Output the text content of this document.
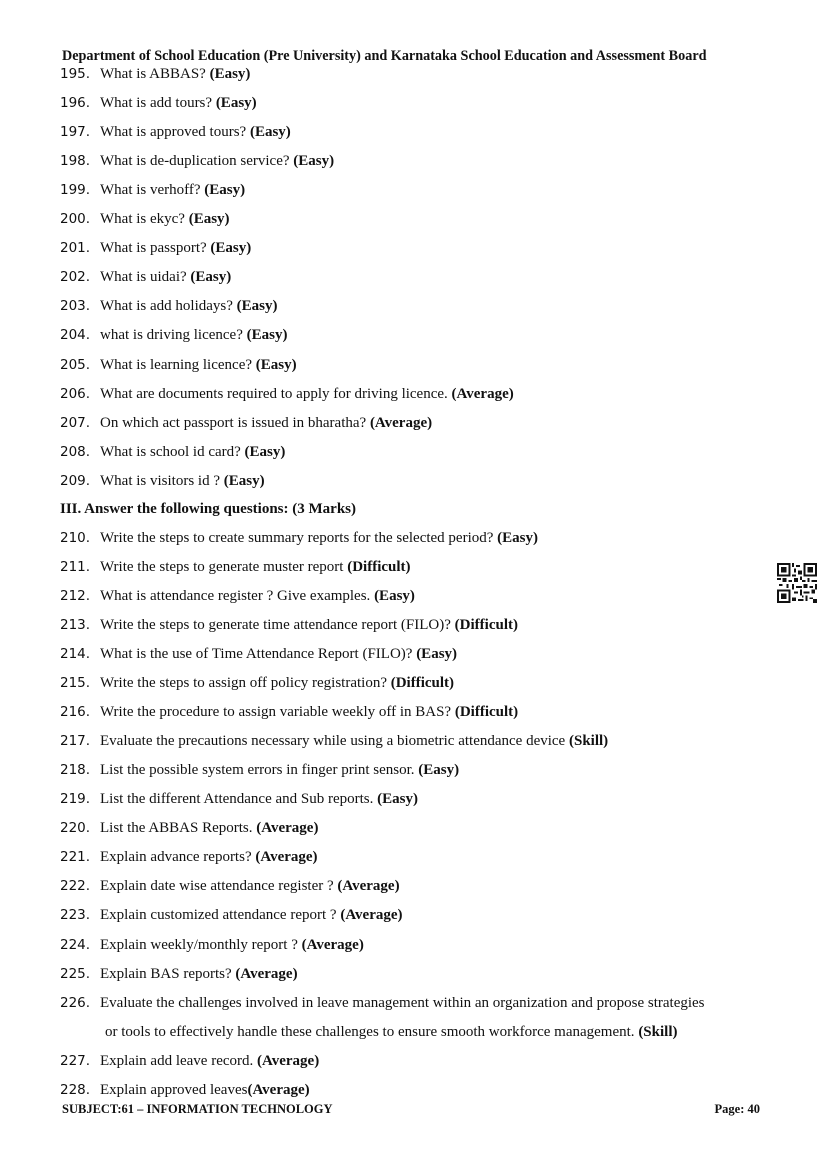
Department of School Education (Pre University) and Karnataka School Education and Assessment Board
195. What is ABBAS? (Easy)
196. What is add tours? (Easy)
197. What is approved tours? (Easy)
198. What is de-duplication service? (Easy)
199. What is verhoff? (Easy)
200. What is ekyc? (Easy)
201. What is passport? (Easy)
202. What is uidai? (Easy)
203. What is add holidays? (Easy)
204. what is driving licence? (Easy)
205. What is learning licence? (Easy)
206. What are documents required to apply for driving licence. (Average)
207. On which act passport is issued in bharatha? (Average)
208. What is school id card? (Easy)
209. What is visitors id ? (Easy)
III. Answer the following questions: (3 Marks)
210. Write the steps to create summary reports for the selected period? (Easy)
211. Write the steps to generate muster report (Difficult)
212. What is attendance register ? Give examples. (Easy)
213. Write the steps to generate time attendance report (FILO)? (Difficult)
214. What is the use of Time Attendance Report (FILO)? (Easy)
215. Write the steps to assign off policy registration? (Difficult)
216. Write the procedure to assign variable weekly off in BAS? (Difficult)
217. Evaluate the precautions necessary while using a biometric attendance device (Skill)
218. List the possible system errors in finger print sensor. (Easy)
219. List the different Attendance and Sub reports. (Easy)
220. List the ABBAS Reports. (Average)
221. Explain advance reports? (Average)
222. Explain date wise attendance register ? (Average)
223. Explain customized attendance report ? (Average)
224. Explain weekly/monthly report ? (Average)
225. Explain BAS reports? (Average)
226. Evaluate the challenges involved in leave management within an organization and propose strategies
or tools to effectively handle these challenges to ensure smooth workforce management. (Skill)
227. Explain add leave record. (Average)
228. Explain approved leaves(Average)
SUBJECT:61 – INFORMATION TECHNOLOGY	Page: 40
